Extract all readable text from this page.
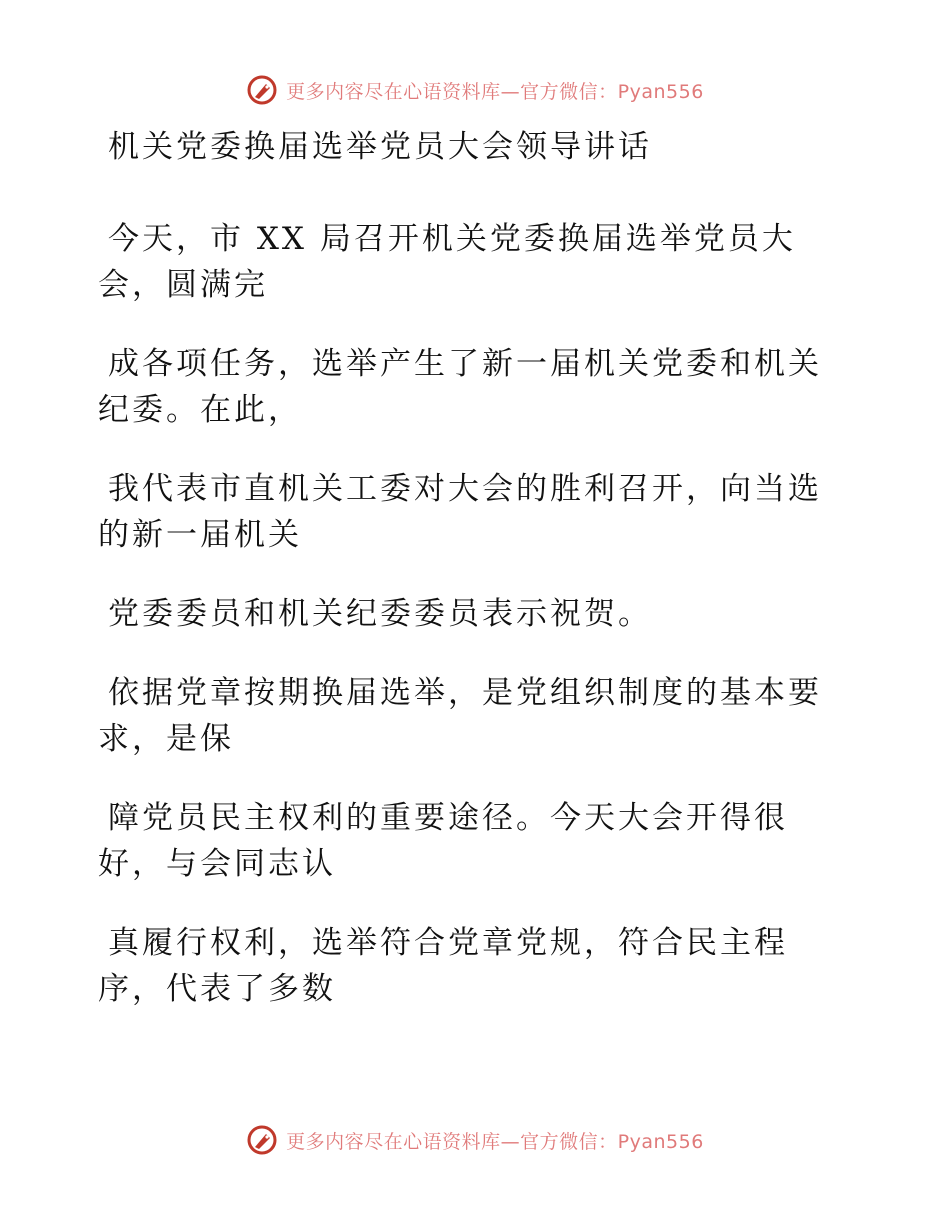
更多内容尽在心语资料库—官方微信：Pyan556
机关党委换届选举党员大会领导讲话
今天，市 XX 局召开机关党委换届选举党员大
会，圆满完
成各项任务，选举产生了新一届机关党委和机关
纪委。在此，
我代表市直机关工委对大会的胜利召开，向当选
的新一届机关
党委委员和机关纪委委员表示祝贺。
依据党章按期换届选举，是党组织制度的基本要
求，是保
障党员民主权利的重要途径。今天大会开得很
好，与会同志认
真履行权利，选举符合党章党规，符合民主程
序，代表了多数
更多内容尽在心语资料库—官方微信：Pyan556
